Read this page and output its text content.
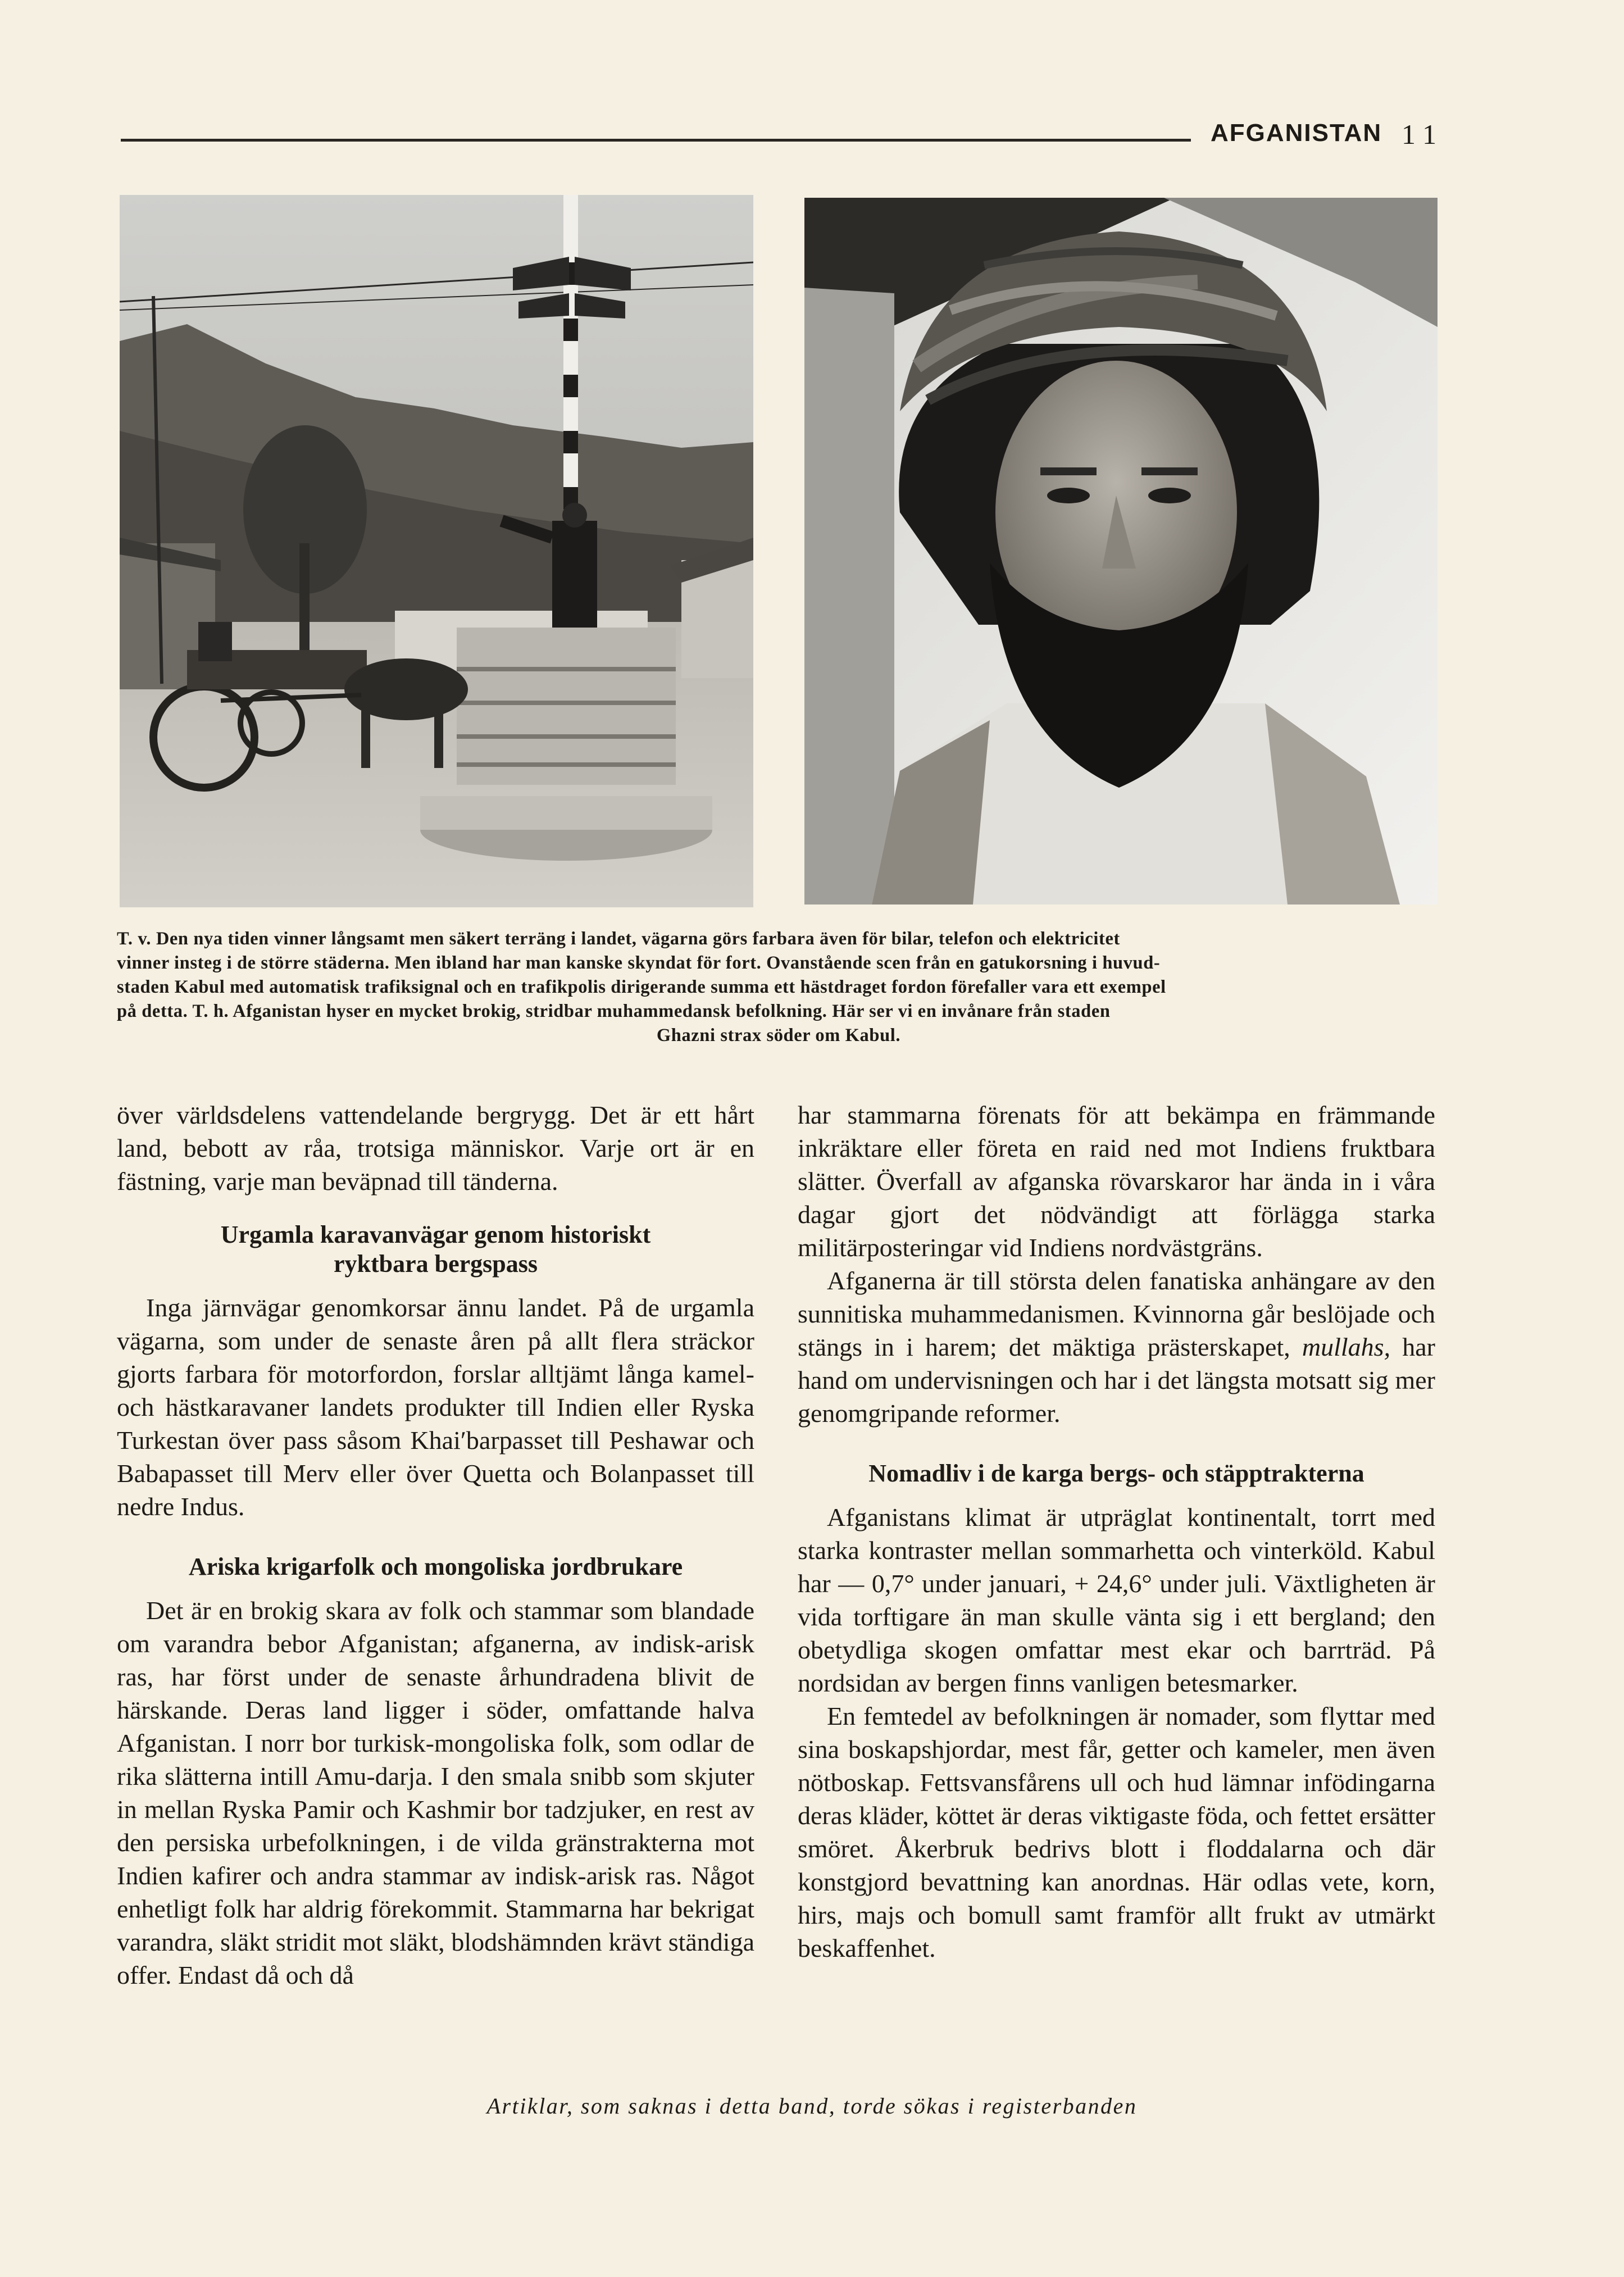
AFGANISTAN 11
T. v. Den nya tiden vinner långsamt men säkert terräng i landet, vägarna görs farbara även för bilar, telefon och elektricitet
vinner insteg i de större städerna. Men ibland har man kanske skyndat för fort. Ovanstående scen från en gatukorsning i huvud-
staden Kabul med automatisk trafiksignal och en trafikpolis dirigerande summa ett hästdraget fordon förefaller vara ett exempel
på detta. T. h. Afganistan hyser en mycket brokig, stridbar muhammedansk befolkning. Här ser vi en invånare från staden
Ghazni strax söder om Kabul.

över världsdelens vattendelande bergrygg. Det är ett hårt land, bebott av råa, trotsiga människor. Varje ort är en fästning, varje man beväpnad till tänderna.

Urgamla karavanvägar genom historiskt
ryktbara bergspass

Inga järnvägar genomkorsar ännu landet. På de urgamla vägarna, som under de senaste åren på allt flera sträckor gjorts farbara för motorfordon, forslar alltjämt långa kamel- och hästkaravaner landets produkter till Indien eller Ryska Turkestan över pass såsom Khaiʹbarpasset till Peshawar och Babapasset till Merv eller över Quetta och Bolanpasset till nedre Indus.

Ariska krigarfolk och mongoliska jordbrukare

Det är en brokig skara av folk och stammar som blandade om varandra bebor Afganistan; afganerna, av indisk-arisk ras, har först under de senaste århundradena blivit de härskande. Deras land ligger i söder, omfattande halva Afganistan. I norr bor turkisk-mongoliska folk, som odlar de rika slätterna intill Amu-darja. I den smala snibb som skjuter in mellan Ryska Pamir och Kashmir bor tadzjuker, en rest av den persiska urbefolkningen, i de vilda gränstrakterna mot Indien kafirer och andra stammar av indisk-arisk ras. Något enhetligt folk har aldrig förekommit. Stammarna har bekrigat varandra, släkt stridit mot släkt, blodshämnden krävt ständiga offer. Endast då och då

har stammarna förenats för att bekämpa en främmande inkräktare eller företa en raid ned mot Indiens fruktbara slätter. Överfall av afganska rövarskaror har ända in i våra dagar gjort det nödvändigt att förlägga starka militärposteringar vid Indiens nordvästgräns.

Afganerna är till största delen fanatiska anhängare av den sunnitiska muhammedanismen. Kvinnorna går beslöjade och stängs in i harem; det mäktiga prästerskapet, mullahs, har hand om undervisningen och har i det längsta motsatt sig mer genomgripande reformer.

Nomadliv i de karga bergs- och stäpptrakterna

Afganistans klimat är utpräglat kontinentalt, torrt med starka kontraster mellan sommarhetta och vinterköld. Kabul har — 0,7° under januari, + 24,6° under juli. Växtligheten är vida torftigare än man skulle vänta sig i ett bergland; den obetydliga skogen omfattar mest ekar och barrträd. På nordsidan av bergen finns vanligen betesmarker.

En femtedel av befolkningen är nomader, som flyttar med sina boskapshjordar, mest får, getter och kameler, men även nötboskap. Fettsvansfårens ull och hud lämnar infödingarna deras kläder, köttet är deras viktigaste föda, och fettet ersätter smöret. Åkerbruk bedrivs blott i floddalarna och där konstgjord bevattning kan anordnas. Här odlas vete, korn, hirs, majs och bomull samt framför allt frukt av utmärkt beskaffenhet.

Artiklar, som saknas i detta band, torde sökas i registerbanden
